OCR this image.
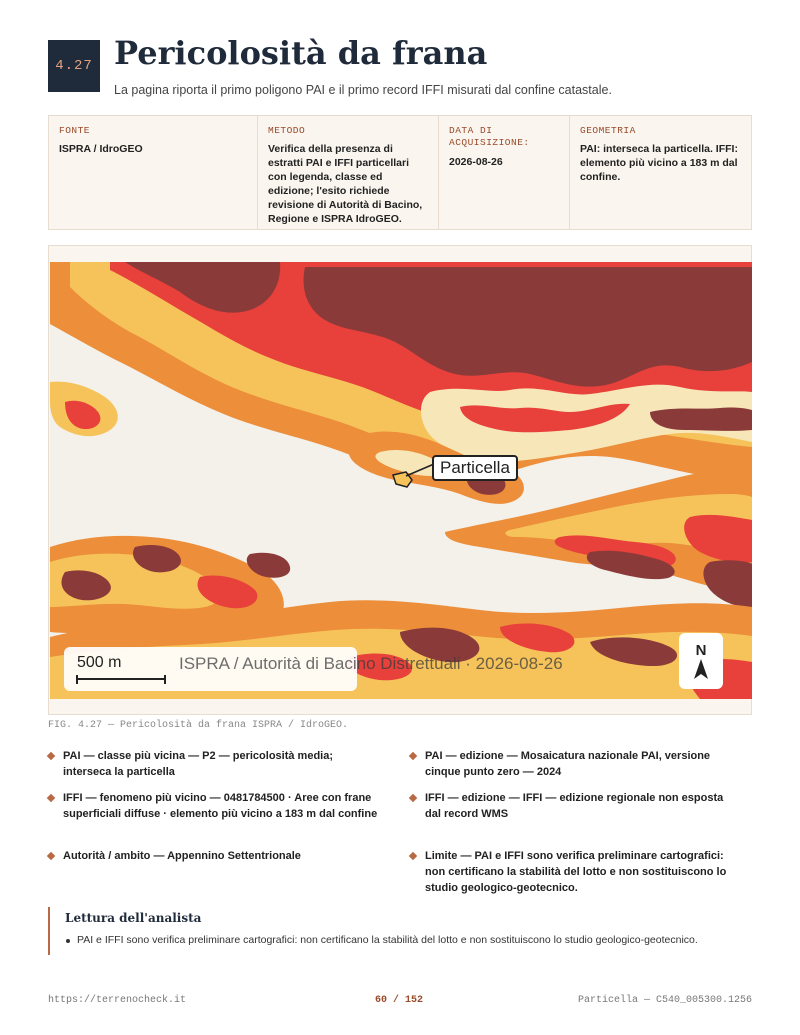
4.27 Pericolosità da frana

La pagina riporta il primo poligono PAI e il primo record IFFI misurati dal confine catastale.

FONTE
ISPRA / IdroGEO
METODO
Verifica della presenza di estratti PAI e IFFI particellari con legenda, classe ed edizione; l'esito richiede revisione di Autorità di Bacino, Regione e ISPRA IdroGEO.
DATA DI ACQUISIZIONE:
2026-08-26
GEOMETRIA
PAI: interseca la particella. IFFI: elemento più vicino a 183 m dal confine.
Particella
500 m	ISPRA / Autorità di Bacino Distrettuali · 2026-08-26
N

FIG. 4.27 — Pericolosità da frana ISPRA / IdroGEO.

PAI — classe più vicina — P2 — pericolosità media; interseca la particella
PAI — edizione — Mosaicatura nazionale PAI, versione cinque punto zero — 2024
IFFI — fenomeno più vicino — 0481784500 · Aree con frane superficiali diffuse · elemento più vicino a 183 m dal confine
IFFI — edizione — IFFI — edizione regionale non esposta dal record WMS
Autorità / ambito — Appennino Settentrionale	Limite — PAI e IFFI sono verifica preliminare cartografici: non certificano la stabilità del lotto e non sostituiscono lo studio geologico-geotecnico.
Lettura dell'analista
PAI e IFFI sono verifica preliminare cartografici: non certificano la stabilità del lotto e non sostituiscono lo studio geologico-geotecnico.
https://terrenocheck.it	60 / 152	Particella — C540_005300.1256
